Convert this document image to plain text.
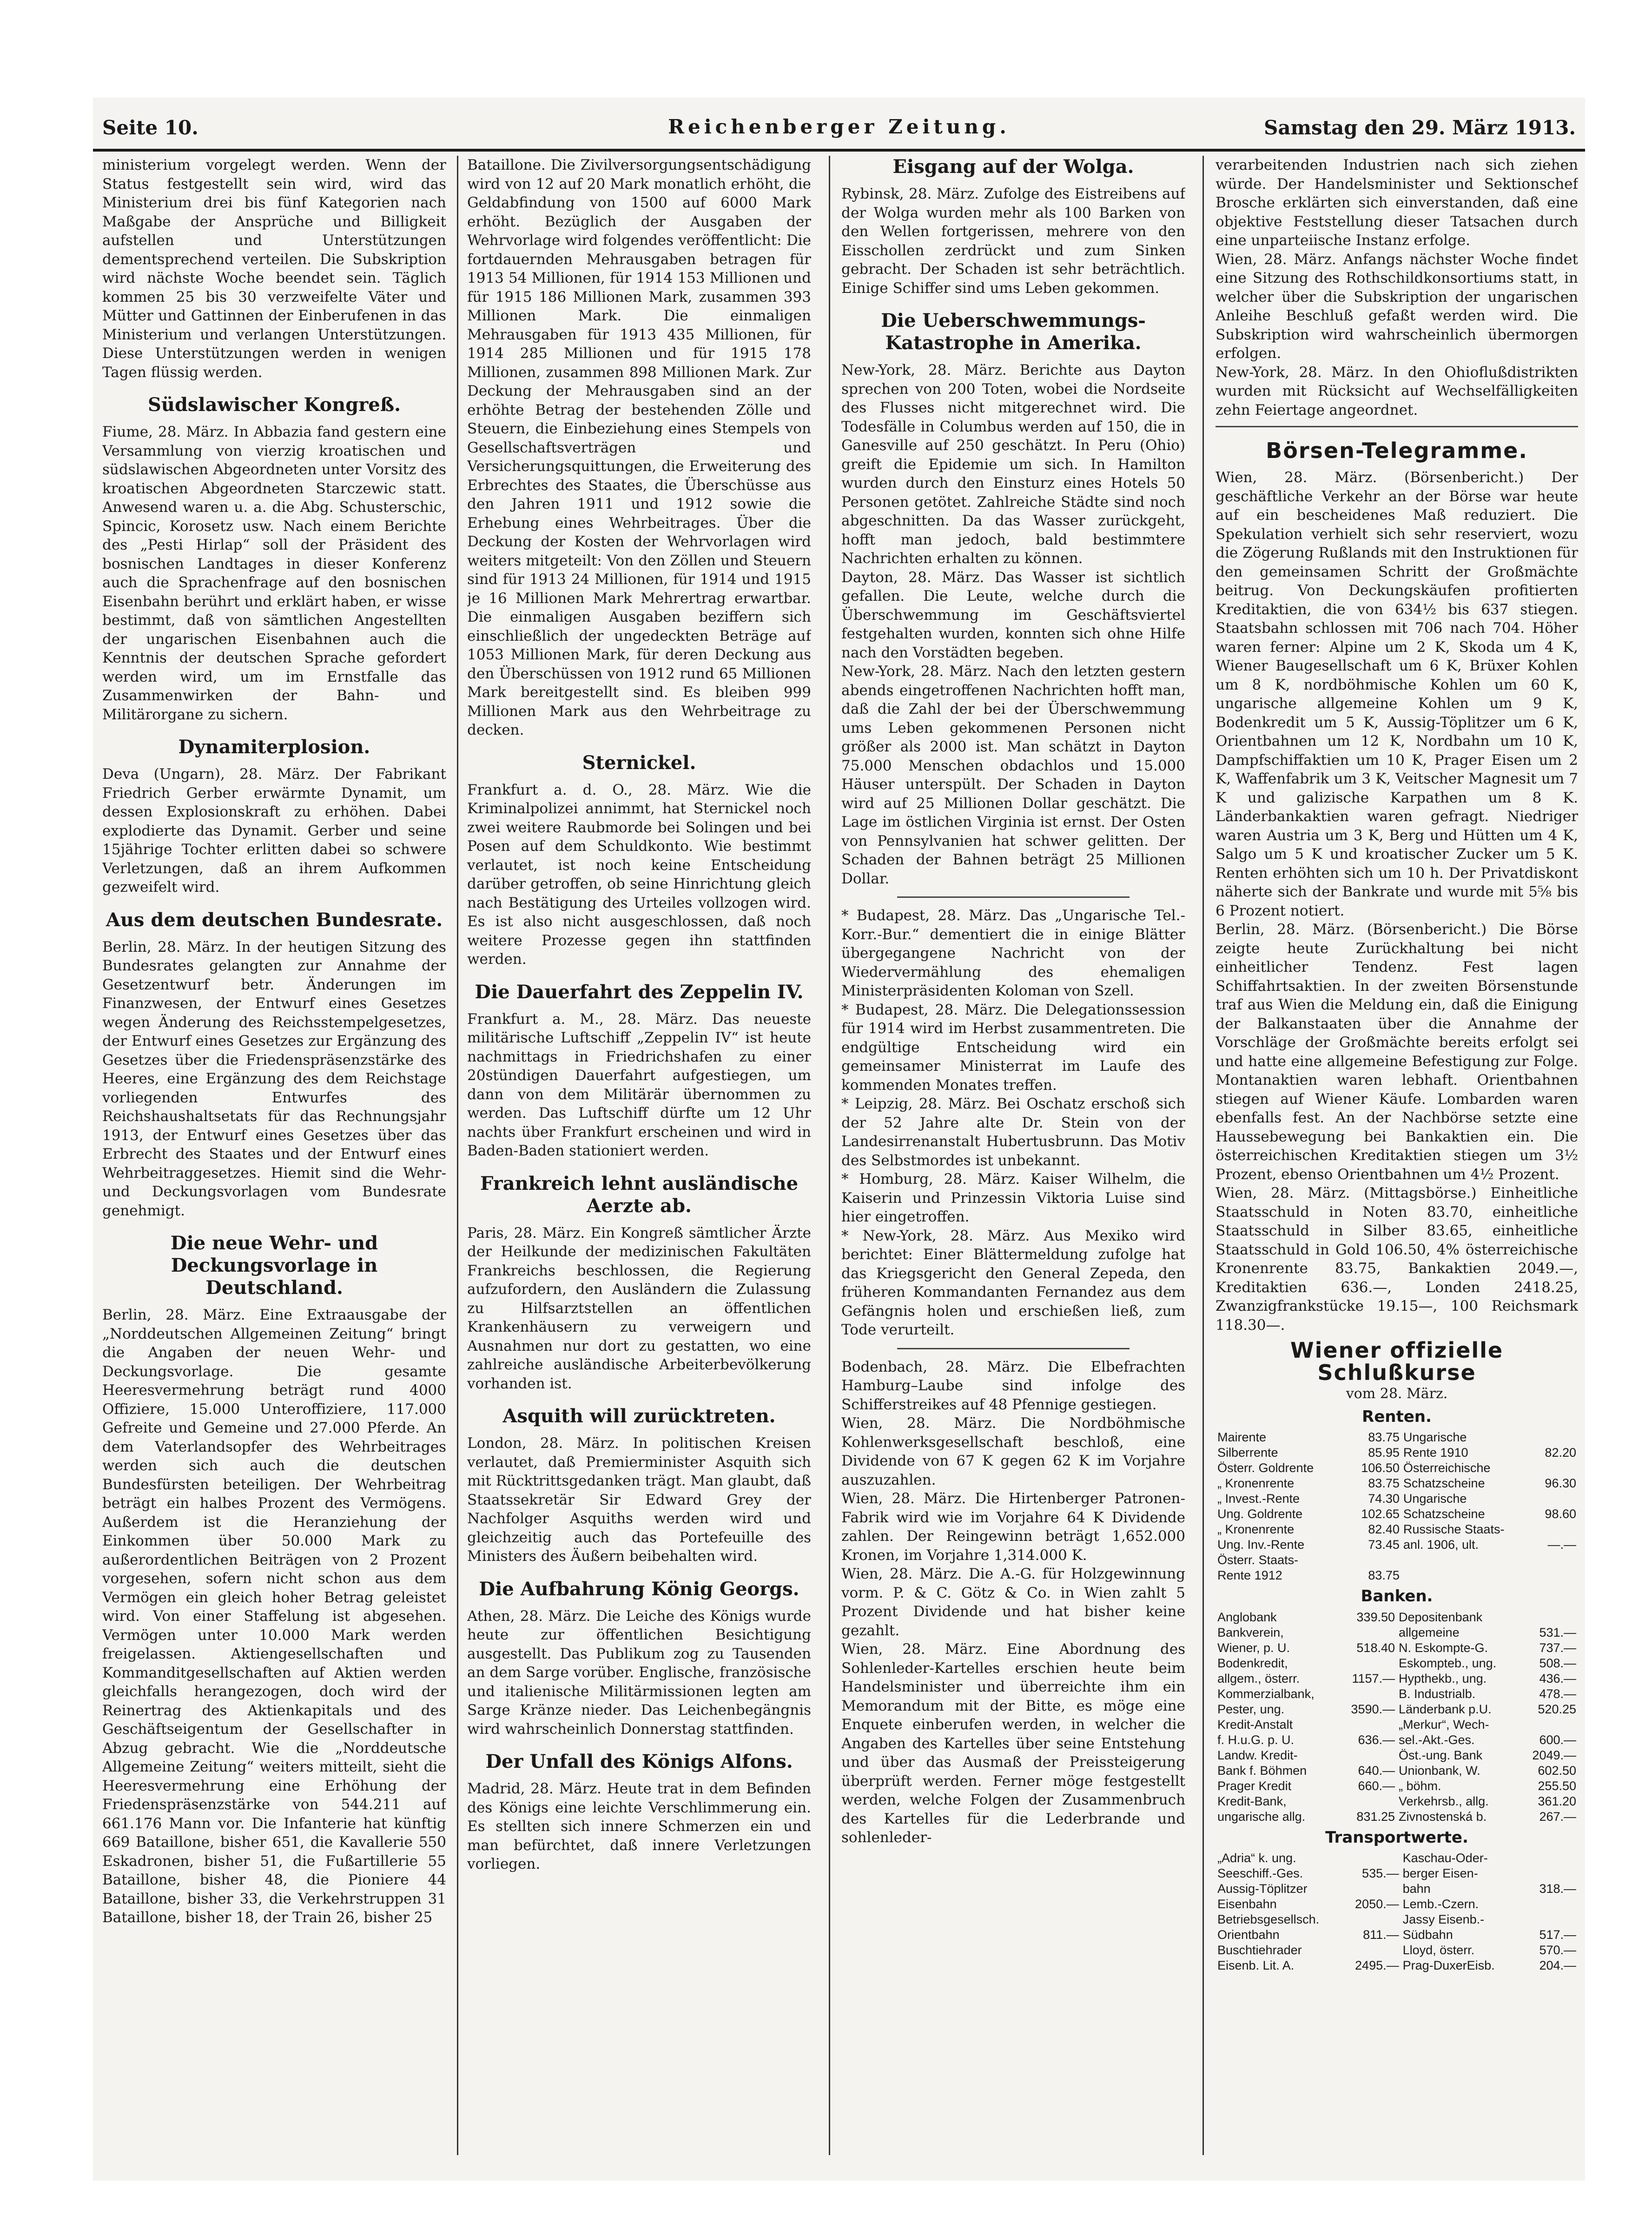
Seite 10.	Reichenberger Zeitung.	Samstag den 29. März 1913.

ministerium vorgelegt werden. Wenn der Status festgestellt sein wird, wird das Ministerium drei bis fünf Kategorien nach Maßgabe der Ansprüche und Billigkeit aufstellen und Unterstützungen dementsprechend verteilen. Die Subskription wird nächste Woche beendet sein. Täglich kommen 25 bis 30 verzweifelte Väter und Mütter und Gattinnen der Einberufenen in das Ministerium und verlangen Unterstützungen. Diese Unterstützungen werden in wenigen Tagen flüssig werden.

Südslawischer Kongreß.

Fiume, 28. März. In Abbazia fand gestern eine Versammlung von vierzig kroatischen und südslawischen Abgeordneten unter Vorsitz des kroatischen Abgeordneten Starczewic statt. Anwesend waren u. a. die Abg. Schusterschic, Spincic, Korosetz usw. Nach einem Berichte des „Pesti Hirlap“ soll der Präsident des bosnischen Landtages in dieser Konferenz auch die Sprachenfrage auf den bosnischen Eisenbahn berührt und erklärt haben, er wisse bestimmt, daß von sämtlichen Angestellten der ungarischen Eisenbahnen auch die Kenntnis der deutschen Sprache gefordert werden wird, um im Ernstfalle das Zusammenwirken der Bahn- und Militärorgane zu sichern.

Dynamiterplosion.

Deva (Ungarn), 28. März. Der Fabrikant Friedrich Gerber erwärmte Dynamit, um dessen Explosionskraft zu erhöhen. Dabei explodierte das Dynamit. Gerber und seine 15jährige Tochter erlitten dabei so schwere Verletzungen, daß an ihrem Aufkommen gezweifelt wird.

Aus dem deutschen Bundesrate.

Berlin, 28. März. In der heutigen Sitzung des Bundesrates gelangten zur Annahme der Gesetzentwurf betr. Änderungen im Finanzwesen, der Entwurf eines Gesetzes wegen Änderung des Reichsstempelgesetzes, der Entwurf eines Gesetzes zur Ergänzung des Gesetzes über die Friedenspräsenzstärke des Heeres, eine Ergänzung des dem Reichstage vorliegenden Entwurfes des Reichshaushaltsetats für das Rechnungsjahr 1913, der Entwurf eines Gesetzes über das Erbrecht des Staates und der Entwurf eines Wehrbeitraggesetzes. Hiemit sind die Wehr- und Deckungsvorlagen vom Bundesrate genehmigt.

Die neue Wehr- und Deckungsvorlage in Deutschland.

Berlin, 28. März. Eine Extraausgabe der „Norddeutschen Allgemeinen Zeitung“ bringt die Angaben der neuen Wehr- und Deckungsvorlage. Die gesamte Heeresvermehrung beträgt rund 4000 Offiziere, 15.000 Unteroffiziere, 117.000 Gefreite und Gemeine und 27.000 Pferde. An dem Vaterlandsopfer des Wehrbeitrages werden sich auch die deutschen Bundesfürsten beteiligen. Der Wehrbeitrag beträgt ein halbes Prozent des Vermögens. Außerdem ist die Heranziehung der Einkommen über 50.000 Mark zu außerordentlichen Beiträgen von 2 Prozent vorgesehen, sofern nicht schon aus dem Vermögen ein gleich hoher Betrag geleistet wird. Von einer Staffelung ist abgesehen. Vermögen unter 10.000 Mark werden freigelassen. Aktiengesellschaften und Kommanditgesellschaften auf Aktien werden gleichfalls herangezogen, doch wird der Reinertrag des Aktienkapitals und des Geschäftseigentum der Gesellschafter in Abzug gebracht. Wie die „Norddeutsche Allgemeine Zeitung“ weiters mitteilt, sieht die Heeresvermehrung eine Erhöhung der Friedenspräsenzstärke von 544.211 auf 661.176 Mann vor. Die Infanterie hat künftig 669 Bataillone, bisher 651, die Kavallerie 550 Eskadronen, bisher 51, die Fußartillerie 55 Bataillone, bisher 48, die Pioniere 44 Bataillone, bisher 33, die Verkehrstruppen 31 Bataillone, bisher 18, der Train 26, bisher 25

Bataillone. Die Zivilversorgungsentschädigung wird von 12 auf 20 Mark monatlich erhöht, die Geldabfindung von 1500 auf 6000 Mark erhöht. Bezüglich der Ausgaben der Wehrvorlage wird folgendes veröffentlicht: Die fortdauernden Mehrausgaben betragen für 1913 54 Millionen, für 1914 153 Millionen und für 1915 186 Millionen Mark, zusammen 393 Millionen Mark. Die einmaligen Mehrausgaben für 1913 435 Millionen, für 1914 285 Millionen und für 1915 178 Millionen, zusammen 898 Millionen Mark. Zur Deckung der Mehrausgaben sind an der erhöhte Betrag der bestehenden Zölle und Steuern, die Einbeziehung eines Stempels von Gesellschaftsverträgen und Versicherungsquittungen, die Erweiterung des Erbrechtes des Staates, die Überschüsse aus den Jahren 1911 und 1912 sowie die Erhebung eines Wehrbeitrages. Über die Deckung der Kosten der Wehrvorlagen wird weiters mitgeteilt: Von den Zöllen und Steuern sind für 1913 24 Millionen, für 1914 und 1915 je 16 Millionen Mark Mehrertrag erwartbar. Die einmaligen Ausgaben beziffern sich einschließlich der ungedeckten Beträge auf 1053 Millionen Mark, für deren Deckung aus den Überschüssen von 1912 rund 65 Millionen Mark bereitgestellt sind. Es bleiben 999 Millionen Mark aus den Wehrbeitrage zu decken.

Sternickel.

Frankfurt a. d. O., 28. März. Wie die Kriminalpolizei annimmt, hat Sternickel noch zwei weitere Raubmorde bei Solingen und bei Posen auf dem Schuldkonto. Wie bestimmt verlautet, ist noch keine Entscheidung darüber getroffen, ob seine Hinrichtung gleich nach Bestätigung des Urteiles vollzogen wird. Es ist also nicht ausgeschlossen, daß noch weitere Prozesse gegen ihn stattfinden werden.

Die Dauerfahrt des Zeppelin IV.

Frankfurt a. M., 28. März. Das neueste militärische Luftschiff „Zeppelin IV“ ist heute nachmittags in Friedrichshafen zu einer 20stündigen Dauerfahrt aufgestiegen, um dann von dem Militärär übernommen zu werden. Das Luftschiff dürfte um 12 Uhr nachts über Frankfurt erscheinen und wird in Baden-Baden stationiert werden.

Frankreich lehnt ausländische Aerzte ab.

Paris, 28. März. Ein Kongreß sämtlicher Ärzte der Heilkunde der medizinischen Fakultäten Frankreichs beschlossen, die Regierung aufzufordern, den Ausländern die Zulassung zu Hilfsarztstellen an öffentlichen Krankenhäusern zu verweigern und Ausnahmen nur dort zu gestatten, wo eine zahlreiche ausländische Arbeiterbevölkerung vorhanden ist.

Asquith will zurücktreten.

London, 28. März. In politischen Kreisen verlautet, daß Premierminister Asquith sich mit Rücktrittsgedanken trägt. Man glaubt, daß Staatssekretär Sir Edward Grey der Nachfolger Asquiths werden wird und gleichzeitig auch das Portefeuille des Ministers des Äußern beibehalten wird.

Die Aufbahrung König Georgs.

Athen, 28. März. Die Leiche des Königs wurde heute zur öffentlichen Besichtigung ausgestellt. Das Publikum zog zu Tausenden an dem Sarge vorüber. Englische, französische und italienische Militärmissionen legten am Sarge Kränze nieder. Das Leichenbegängnis wird wahrscheinlich Donnerstag stattfinden.

Der Unfall des Königs Alfons.

Madrid, 28. März. Heute trat in dem Befinden des Königs eine leichte Verschlimmerung ein. Es stellten sich innere Schmerzen ein und man befürchtet, daß innere Verletzungen vorliegen.

Eisgang auf der Wolga.

Rybinsk, 28. März. Zufolge des Eistreibens auf der Wolga wurden mehr als 100 Barken von den Wellen fortgerissen, mehrere von den Eisschollen zerdrückt und zum Sinken gebracht. Der Schaden ist sehr beträchtlich. Einige Schiffer sind ums Leben gekommen.

Die Ueberschwemmungs-Katastrophe in Amerika.

New-York, 28. März. Berichte aus Dayton sprechen von 200 Toten, wobei die Nordseite des Flusses nicht mitgerechnet wird. Die Todesfälle in Columbus werden auf 150, die in Ganesville auf 250 geschätzt. In Peru (Ohio) greift die Epidemie um sich. In Hamilton wurden durch den Einsturz eines Hotels 50 Personen getötet. Zahlreiche Städte sind noch abgeschnitten. Da das Wasser zurückgeht, hofft man jedoch, bald bestimmtere Nachrichten erhalten zu können.

Dayton, 28. März. Das Wasser ist sichtlich gefallen. Die Leute, welche durch die Überschwemmung im Geschäftsviertel festgehalten wurden, konnten sich ohne Hilfe nach den Vorstädten begeben.

New-York, 28. März. Nach den letzten gestern abends eingetroffenen Nachrichten hofft man, daß die Zahl der bei der Überschwemmung ums Leben gekommenen Personen nicht größer als 2000 ist. Man schätzt in Dayton 75.000 Menschen obdachlos und 15.000 Häuser unterspült. Der Schaden in Dayton wird auf 25 Millionen Dollar geschätzt. Die Lage im östlichen Virginia ist ernst. Der Osten von Pennsylvanien hat schwer gelitten. Der Schaden der Bahnen beträgt 25 Millionen Dollar.

* Budapest, 28. März. Das „Ungarische Tel.-Korr.-Bur.“ dementiert die in einige Blätter übergegangene Nachricht von der Wiedervermählung des ehemaligen Ministerpräsidenten Koloman von Szell.

* Budapest, 28. März. Die Delegationssession für 1914 wird im Herbst zusammentreten. Die endgültige Entscheidung wird ein gemeinsamer Ministerrat im Laufe des kommenden Monates treffen.

* Leipzig, 28. März. Bei Oschatz erschoß sich der 52 Jahre alte Dr. Stein von der Landesirrenanstalt Hubertusbrunn. Das Motiv des Selbstmordes ist unbekannt.

* Homburg, 28. März. Kaiser Wilhelm, die Kaiserin und Prinzessin Viktoria Luise sind hier eingetroffen.

* New-York, 28. März. Aus Mexiko wird berichtet: Einer Blättermeldung zufolge hat das Kriegsgericht den General Zepeda, den früheren Kommandanten Fernandez aus dem Gefängnis holen und erschießen ließ, zum Tode verurteilt.

Bodenbach, 28. März. Die Elbefrachten Hamburg–Laube sind infolge des Schifferstreikes auf 48 Pfennige gestiegen.

Wien, 28. März. Die Nordböhmische Kohlenwerksgesellschaft beschloß, eine Dividende von 67 K gegen 62 K im Vorjahre auszuzahlen.

Wien, 28. März. Die Hirtenberger Patronen-Fabrik wird wie im Vorjahre 64 K Dividende zahlen. Der Reingewinn beträgt 1,652.000 Kronen, im Vorjahre 1,314.000 K.

Wien, 28. März. Die A.-G. für Holzgewinnung vorm. P. & C. Götz & Co. in Wien zahlt 5 Prozent Dividende und hat bisher keine gezahlt.

Wien, 28. März. Eine Abordnung des Sohlenleder-Kartelles erschien heute beim Handelsminister und überreichte ihm ein Memorandum mit der Bitte, es möge eine Enquete einberufen werden, in welcher die Angaben des Kartelles über seine Entstehung und über das Ausmaß der Preissteigerung überprüft werden. Ferner möge festgestellt werden, welche Folgen der Zusammenbruch des Kartelles für die Lederbrande und sohlenleder-

verarbeitenden Industrien nach sich ziehen würde. Der Handelsminister und Sektionschef Brosche erklärten sich einverstanden, daß eine objektive Feststellung dieser Tatsachen durch eine unparteiische Instanz erfolge.

Wien, 28. März. Anfangs nächster Woche findet eine Sitzung des Rothschildkonsortiums statt, in welcher über die Subskription der ungarischen Anleihe Beschluß gefaßt werden wird. Die Subskription wird wahrscheinlich übermorgen erfolgen.

New-York, 28. März. In den Ohioflußdistrikten wurden mit Rücksicht auf Wechselfälligkeiten zehn Feiertage angeordnet.

Börsen-Telegramme.

Wien, 28. März. (Börsenbericht.) Der geschäftliche Verkehr an der Börse war heute auf ein bescheidenes Maß reduziert. Die Spekulation verhielt sich sehr reserviert, wozu die Zögerung Rußlands mit den Instruktionen für den gemeinsamen Schritt der Großmächte beitrug. Von Deckungskäufen profitierten Kreditaktien, die von 634½ bis 637 stiegen. Staatsbahn schlossen mit 706 nach 704. Höher waren ferner: Alpine um 2 K, Skoda um 4 K, Wiener Baugesellschaft um 6 K, Brüxer Kohlen um 8 K, nordböhmische Kohlen um 60 K, ungarische allgemeine Kohlen um 9 K, Bodenkredit um 5 K, Aussig-Töplitzer um 6 K, Orientbahnen um 12 K, Nordbahn um 10 K, Dampfschiffaktien um 10 K, Prager Eisen um 2 K, Waffenfabrik um 3 K, Veitscher Magnesit um 7 K und galizische Karpathen um 8 K. Länderbankaktien waren gefragt. Niedriger waren Austria um 3 K, Berg und Hütten um 4 K, Salgo um 5 K und kroatischer Zucker um 5 K. Renten erhöhten sich um 10 h. Der Privatdiskont näherte sich der Bankrate und wurde mit 5⅝ bis 6 Prozent notiert.

Berlin, 28. März. (Börsenbericht.) Die Börse zeigte heute Zurückhaltung bei nicht einheitlicher Tendenz. Fest lagen Schiffahrtsaktien. In der zweiten Börsenstunde traf aus Wien die Meldung ein, daß die Einigung der Balkanstaaten über die Annahme der Vorschläge der Großmächte bereits erfolgt sei und hatte eine allgemeine Befestigung zur Folge. Montanaktien waren lebhaft. Orientbahnen stiegen auf Wiener Käufe. Lombarden waren ebenfalls fest. An der Nachbörse setzte eine Haussebewegung bei Bankaktien ein. Die österreichischen Kreditaktien stiegen um 3½ Prozent, ebenso Orientbahnen um 4½ Prozent.

Wien, 28. März. (Mittagsbörse.) Einheitliche Staatsschuld in Noten 83.70, einheitliche Staatsschuld in Silber 83.65, einheitliche Staatsschuld in Gold 106.50, 4% österreichische Kronenrente 83.75, Bankaktien 2049.—, Kreditaktien 636.—, Londen 2418.25, Zwanzigfrankstücke 19.15—, 100 Reichsmark 118.30—.

Wiener offizielle Schlußkurse
vom 28. März.
Renten.
Mairente	83.75	Ungarische	
Silberrente	85.95	Rente 1910	82.20
Österr. Goldrente	106.50	Österreichische	
„ Kronenrente	83.75	Schatzscheine	96.30
„ Invest.-Rente	74.30	Ungarische	
Ung. Goldrente	102.65	Schatzscheine	98.60
„ Kronenrente	82.40	Russische Staats-	
Ung. Inv.-Rente	73.45	anl. 1906, ult.	—.—
Österr. Staats-			
Rente 1912	83.75		
Banken.
Anglobank	339.50	Depositenbank	
Bankverein,		allgemeine	531.—
Wiener, p. U.	518.40	N. Eskompte-G.	737.—
Bodenkredit,		Eskompteb., ung.	508.—
allgem., österr.	1157.—	Hypthekb., ung.	436.—
Kommerzialbank,		B. Industrialb.	478.—
Pester, ung.	3590.—	Länderbank p.U.	520.25
Kredit-Anstalt		„Merkur“, Wech-	
f. H.u.G. p. U.	636.—	sel.-Akt.-Ges.	600.—
Landw. Kredit-		Öst.-ung. Bank	2049.—
Bank f. Böhmen	640.—	Unionbank, W.	602.50
Prager Kredit	660.—	„ böhm.	255.50
Kredit-Bank,		Verkehrsb., allg.	361.20
ungarische allg.	831.25	Zivnostenská b.	267.—
Transportwerte.
„Adria“ k. ung.		Kaschau-Oder-	
Seeschiff.-Ges.	535.—	berger Eisen-	
Aussig-Töplitzer		bahn	318.—
Eisenbahn	2050.—	Lemb.-Czern.	
Betriebsgesellsch.		Jassy Eisenb.-	
Orientbahn	811.—	Südbahn	517.—
Buschtiehrader		Lloyd, österr.	570.—
Eisenb. Lit. A.	2495.—	Prag-DuxerEisb.	204.—
